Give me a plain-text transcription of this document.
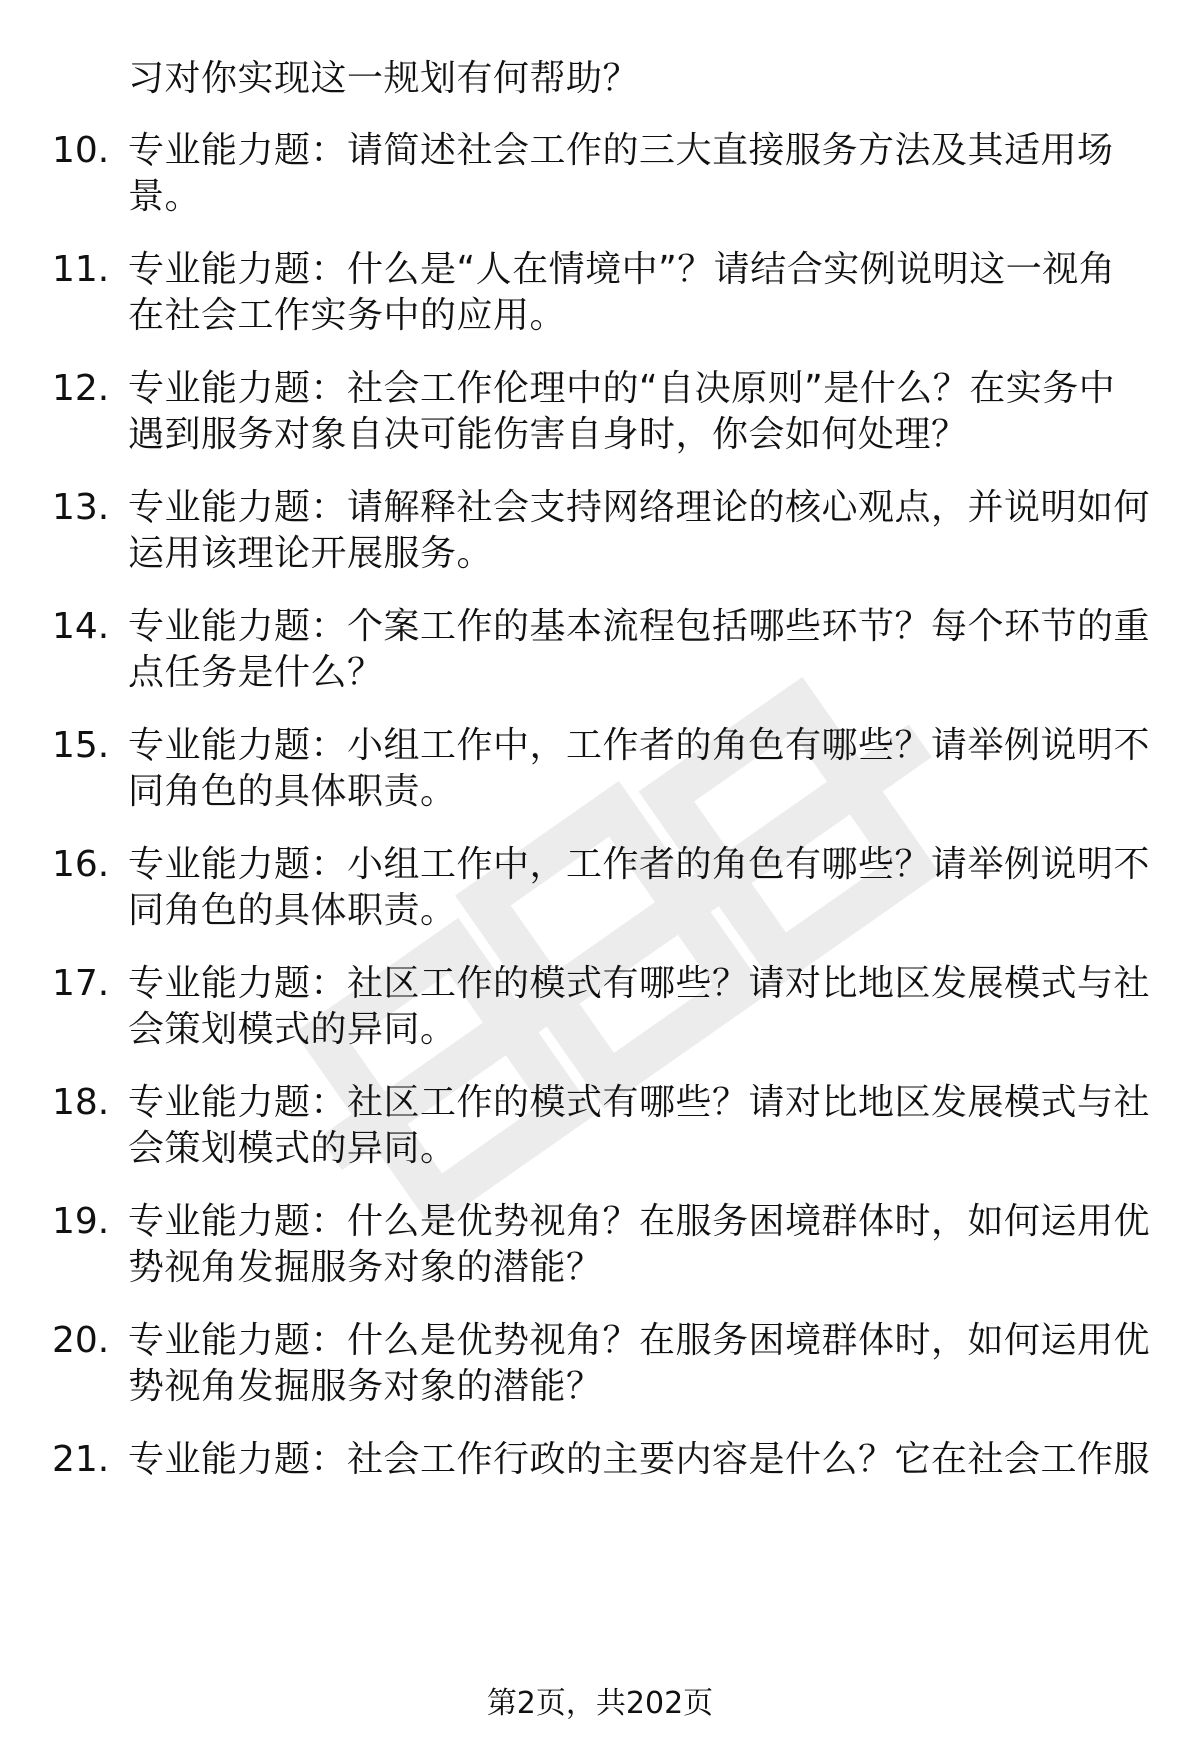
习对你实现这一规划有何帮助？
10. 专业能力题：请简述社会工作的三大直接服务方法及其适用场
景。
11. 专业能力题：什么是“人在情境中”？请结合实例说明这一视角
在社会工作实务中的应用。
12. 专业能力题：社会工作伦理中的“自决原则”是什么？在实务中
遇到服务对象自决可能伤害自身时，你会如何处理？
13. 专业能力题：请解释社会支持网络理论的核心观点，并说明如何
运用该理论开展服务。
14. 专业能力题：个案工作的基本流程包括哪些环节？每个环节的重
点任务是什么？
15. 专业能力题：小组工作中，工作者的角色有哪些？请举例说明不
同角色的具体职责。
16. 专业能力题：小组工作中，工作者的角色有哪些？请举例说明不
同角色的具体职责。
17. 专业能力题：社区工作的模式有哪些？请对比地区发展模式与社
会策划模式的异同。
18. 专业能力题：社区工作的模式有哪些？请对比地区发展模式与社
会策划模式的异同。
19. 专业能力题：什么是优势视角？在服务困境群体时，如何运用优
势视角发掘服务对象的潜能？
20. 专业能力题：什么是优势视角？在服务困境群体时，如何运用优
势视角发掘服务对象的潜能？
21. 专业能力题：社会工作行政的主要内容是什么？它在社会工作服
第2页，共202页
